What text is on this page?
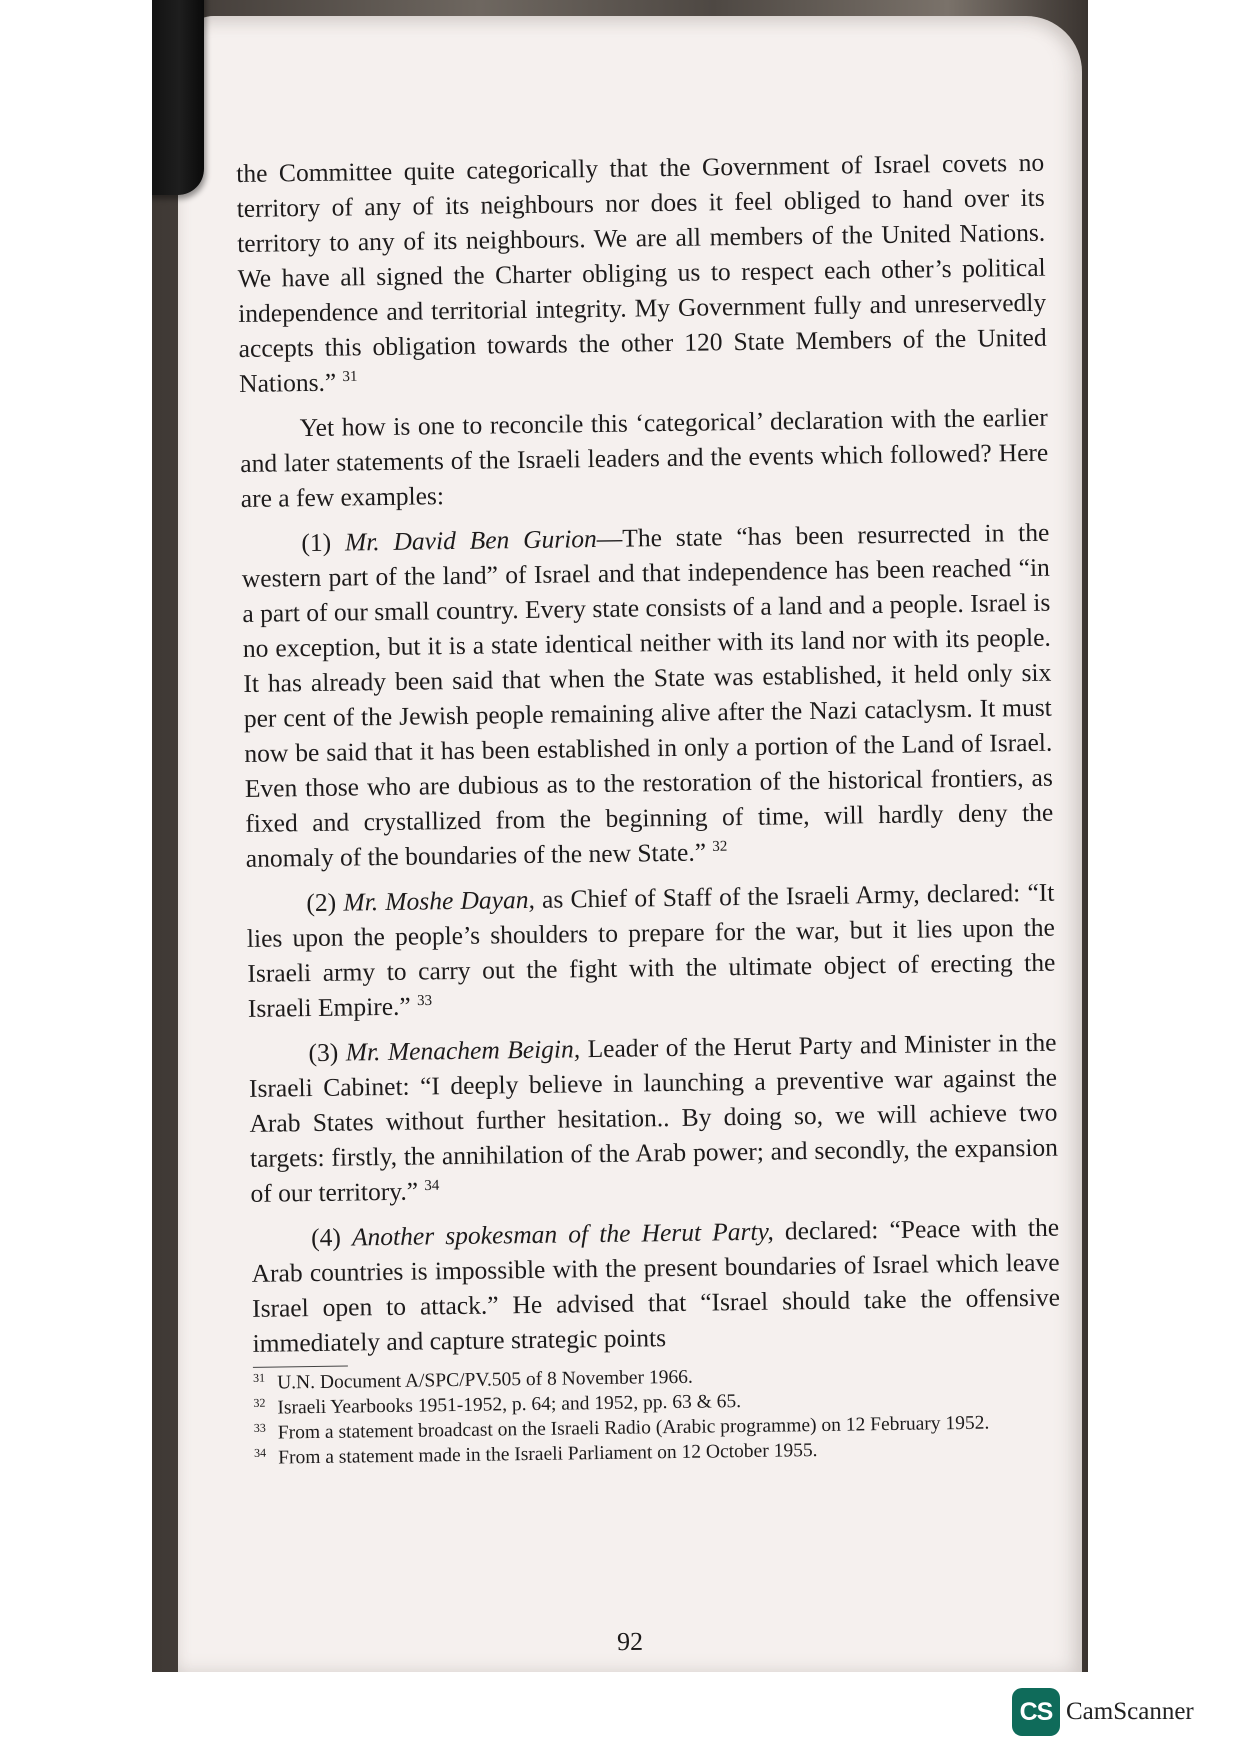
the Committee quite categorically that the Government of Israel covets no territory of any of its neighbours nor does it feel obliged to hand over its territory to any of its neighbours. We are all members of the United Nations. We have all signed the Charter obliging us to respect each other’s political independence and territorial integrity. My Government fully and unreservedly accepts this obligation towards the other 120 State Members of the United Nations.” $^{31}$

Yet how is one to reconcile this ‘categorical’ declaration with the earlier and later statements of the Israeli leaders and the events which followed? Here are a few examples:

(1) Mr. David Ben Gurion—The state “has been resurrected in the western part of the land” of Israel and that independence has been reached “in a part of our small country. Every state consists of a land and a people. Israel is no exception, but it is a state identical neither with its land nor with its people. It has already been said that when the State was established, it held only six per cent of the Jewish people remaining alive after the Nazi cataclysm. It must now be said that it has been established in only a portion of the Land of Israel. Even those who are dubious as to the restoration of the historical frontiers, as fixed and crystallized from the beginning of time, will hardly deny the anomaly of the boundaries of the new State.” $^{32}$

(2) Mr. Moshe Dayan, as Chief of Staff of the Israeli Army, declared: “It lies upon the people’s shoulders to prepare for the war, but it lies upon the Israeli army to carry out the fight with the ultimate object of erecting the Israeli Empire.” $^{33}$

(3) Mr. Menachem Beigin, Leader of the Herut Party and Minister in the Israeli Cabinet: “I deeply believe in launching a preventive war against the Arab States without further hesitation.. By doing so, we will achieve two targets: firstly, the annihilation of the Arab power; and secondly, the expansion of our territory.” $^{34}$

(4) Another spokesman of the Herut Party, declared: “Peace with the Arab countries is impossible with the present boundaries of Israel which leave Israel open to attack.” He advised that “Israel should take the offensive immediately and capture strategic points

31 U.N. Document A/SPC/PV.505 of 8 November 1966.
32 Israeli Yearbooks 1951-1952, p. 64; and 1952, pp. 63 & 65.
33 From a statement broadcast on the Israeli Radio (Arabic programme) on 12 February 1952.
34 From a statement made in the Israeli Parliament on 12 October 1955.
92
CS CamScanner
